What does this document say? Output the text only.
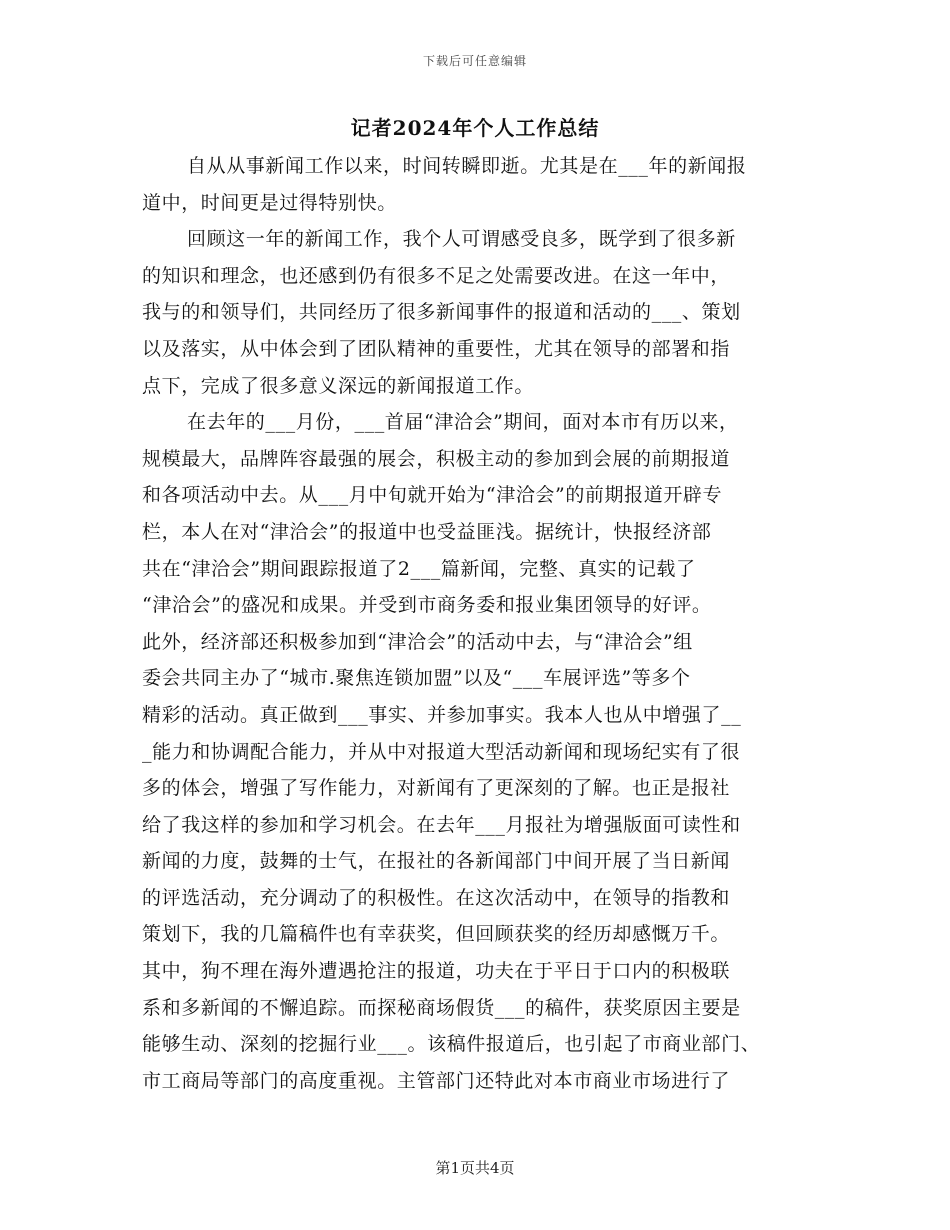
下载后可任意编辑
记者2024年个人工作总结
自从从事新闻工作以来，时间转瞬即逝。尤其是在___年的新闻报
道中，时间更是过得特别快。
回顾这一年的新闻工作，我个人可谓感受良多，既学到了很多新
的知识和理念，也还感到仍有很多不足之处需要改进。在这一年中，
我与的和领导们，共同经历了很多新闻事件的报道和活动的___、策划
以及落实，从中体会到了团队精神的重要性，尤其在领导的部署和指
点下，完成了很多意义深远的新闻报道工作。
在去年的___月份，___首届“津洽会”期间，面对本市有历以来，
规模最大，品牌阵容最强的展会，积极主动的参加到会展的前期报道
和各项活动中去。从___月中旬就开始为“津洽会”的前期报道开辟专
栏，本人在对“津洽会”的报道中也受益匪浅。据统计，快报经济部
共在“津洽会”期间跟踪报道了2___篇新闻，完整、真实的记载了
“津洽会”的盛况和成果。并受到市商务委和报业集团领导的好评。
此外，经济部还积极参加到“津洽会”的活动中去，与“津洽会”组
委会共同主办了“城市.聚焦连锁加盟”以及“___车展评选”等多个
精彩的活动。真正做到___事实、并参加事实。我本人也从中增强了__
_能力和协调配合能力，并从中对报道大型活动新闻和现场纪实有了很
多的体会，增强了写作能力，对新闻有了更深刻的了解。也正是报社
给了我这样的参加和学习机会。在去年___月报社为增强版面可读性和
新闻的力度，鼓舞的士气，在报社的各新闻部门中间开展了当日新闻
的评选活动，充分调动了的积极性。在这次活动中，在领导的指教和
策划下，我的几篇稿件也有幸获奖，但回顾获奖的经历却感慨万千。
其中，狗不理在海外遭遇抢注的报道，功夫在于平日于口内的积极联
系和多新闻的不懈追踪。而探秘商场假货___的稿件，获奖原因主要是
能够生动、深刻的挖掘行业___。该稿件报道后，也引起了市商业部门、
市工商局等部门的高度重视。主管部门还特此对本市商业市场进行了
第1页共4页
